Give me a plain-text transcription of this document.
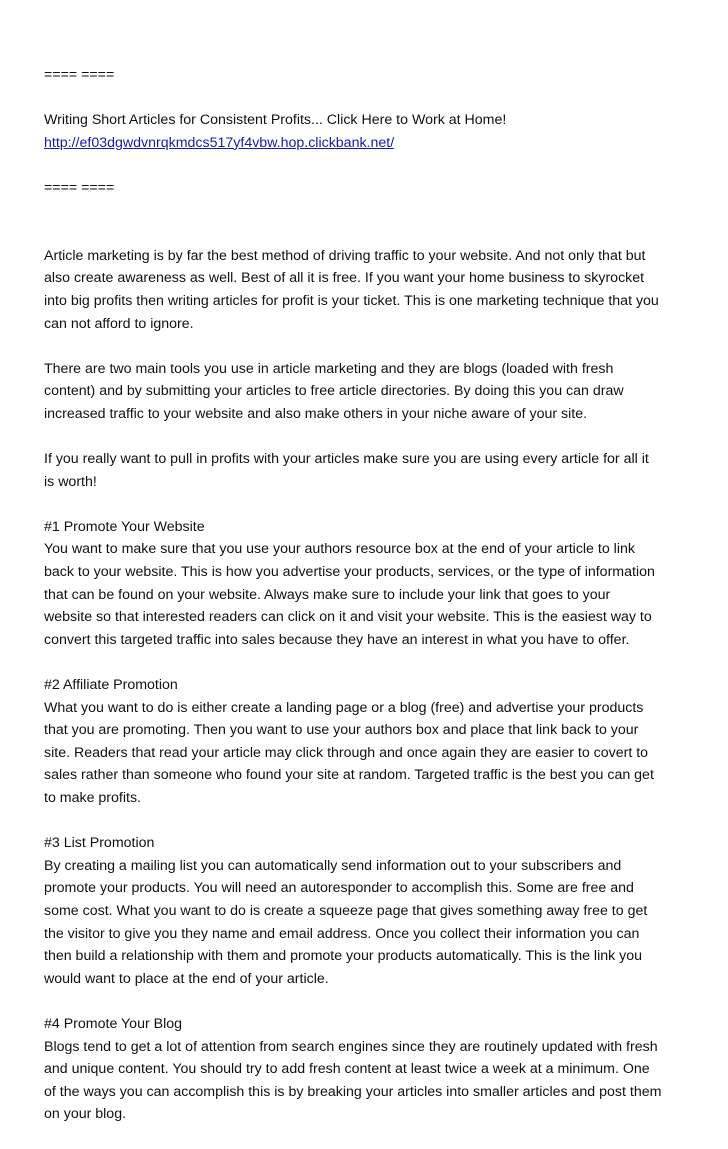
==== ====
Writing Short Articles for Consistent Profits... Click Here to Work at Home!
http://ef03dgwdvnrqkmdcs517yf4vbw.hop.clickbank.net/
==== ====
Article marketing is by far the best method of driving traffic to your website. And not only that but
also create awareness as well. Best of all it is free. If you want your home business to skyrocket
into big profits then writing articles for profit is your ticket. This is one marketing technique that you
can not afford to ignore.
There are two main tools you use in article marketing and they are blogs (loaded with fresh
content) and by submitting your articles to free article directories. By doing this you can draw
increased traffic to your website and also make others in your niche aware of your site.
If you really want to pull in profits with your articles make sure you are using every article for all it
is worth!
#1 Promote Your Website
You want to make sure that you use your authors resource box at the end of your article to link
back to your website. This is how you advertise your products, services, or the type of information
that can be found on your website. Always make sure to include your link that goes to your
website so that interested readers can click on it and visit your website. This is the easiest way to
convert this targeted traffic into sales because they have an interest in what you have to offer.
#2 Affiliate Promotion
What you want to do is either create a landing page or a blog (free) and advertise your products
that you are promoting. Then you want to use your authors box and place that link back to your
site. Readers that read your article may click through and once again they are easier to covert to
sales rather than someone who found your site at random. Targeted traffic is the best you can get
to make profits.
#3 List Promotion
By creating a mailing list you can automatically send information out to your subscribers and
promote your products. You will need an autoresponder to accomplish this. Some are free and
some cost. What you want to do is create a squeeze page that gives something away free to get
the visitor to give you they name and email address. Once you collect their information you can
then build a relationship with them and promote your products automatically. This is the link you
would want to place at the end of your article.
#4 Promote Your Blog
Blogs tend to get a lot of attention from search engines since they are routinely updated with fresh
and unique content. You should try to add fresh content at least twice a week at a minimum. One
of the ways you can accomplish this is by breaking your articles into smaller articles and post them
on your blog.
